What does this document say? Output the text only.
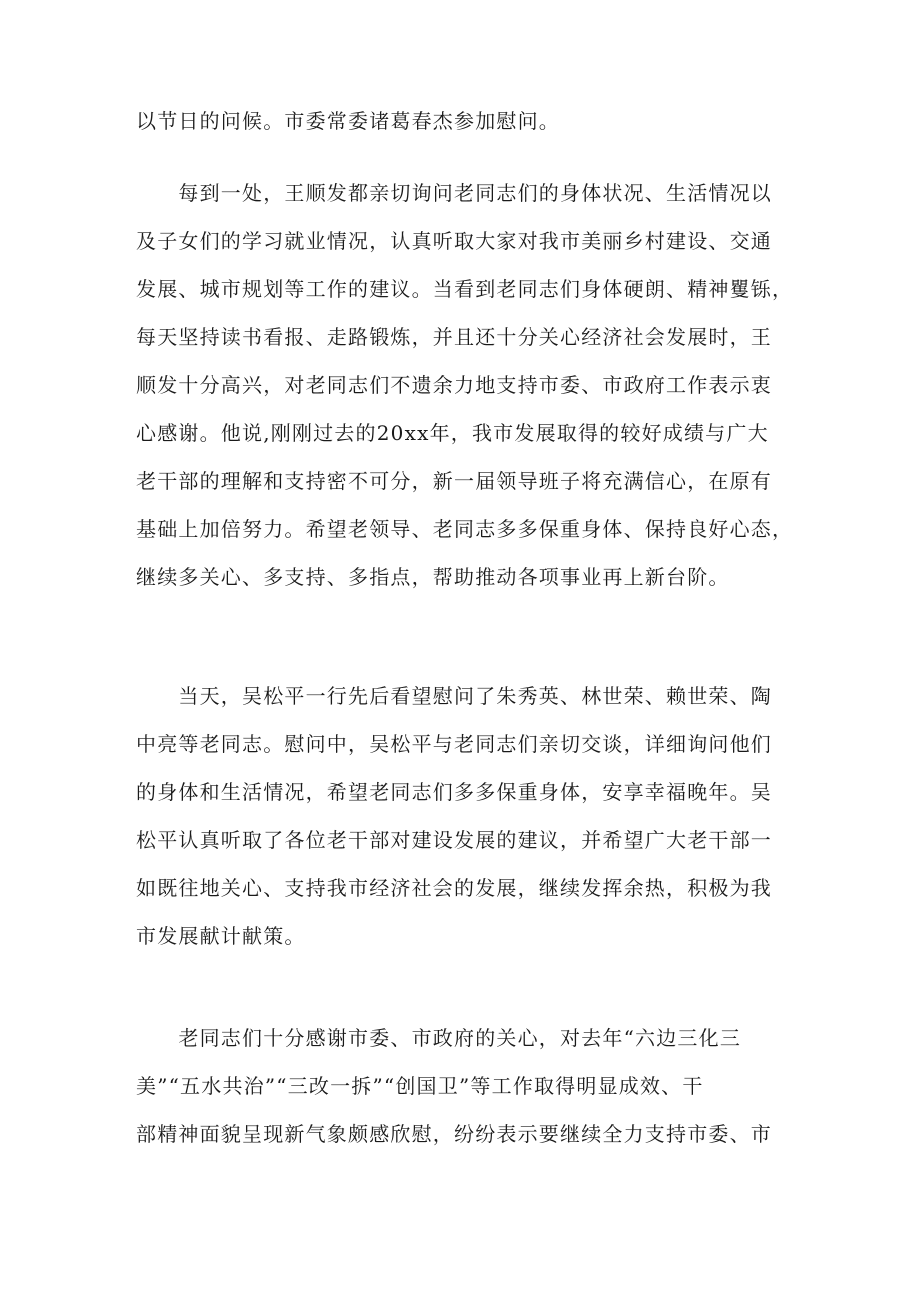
以节日的问候。市委常委诸葛春杰参加慰问。

　　每到一处，王顺发都亲切询问老同志们的身体状况、生活情况以
及子女们的学习就业情况，认真听取大家对我市美丽乡村建设、交通
发展、城市规划等工作的建议。当看到老同志们身体硬朗、精神矍铄，
每天坚持读书看报、走路锻炼，并且还十分关心经济社会发展时，王
顺发十分高兴，对老同志们不遗余力地支持市委、市政府工作表示衷
心感谢。他说,刚刚过去的20xx年，我市发展取得的较好成绩与广大
老干部的理解和支持密不可分，新一届领导班子将充满信心，在原有
基础上加倍努力。希望老领导、老同志多多保重身体、保持良好心态，
继续多关心、多支持、多指点，帮助推动各项事业再上新台阶。

　　当天，吴松平一行先后看望慰问了朱秀英、林世荣、赖世荣、陶
中亮等老同志。慰问中，吴松平与老同志们亲切交谈，详细询问他们
的身体和生活情况，希望老同志们多多保重身体，安享幸福晚年。吴
松平认真听取了各位老干部对建设发展的建议，并希望广大老干部一
如既往地关心、支持我市经济社会的发展，继续发挥余热，积极为我
市发展献计献策。

　　老同志们十分感谢市委、市政府的关心，对去年“六边三化三
美”“五水共治”“三改一拆”“创国卫”等工作取得明显成效、干
部精神面貌呈现新气象颇感欣慰，纷纷表示要继续全力支持市委、市
